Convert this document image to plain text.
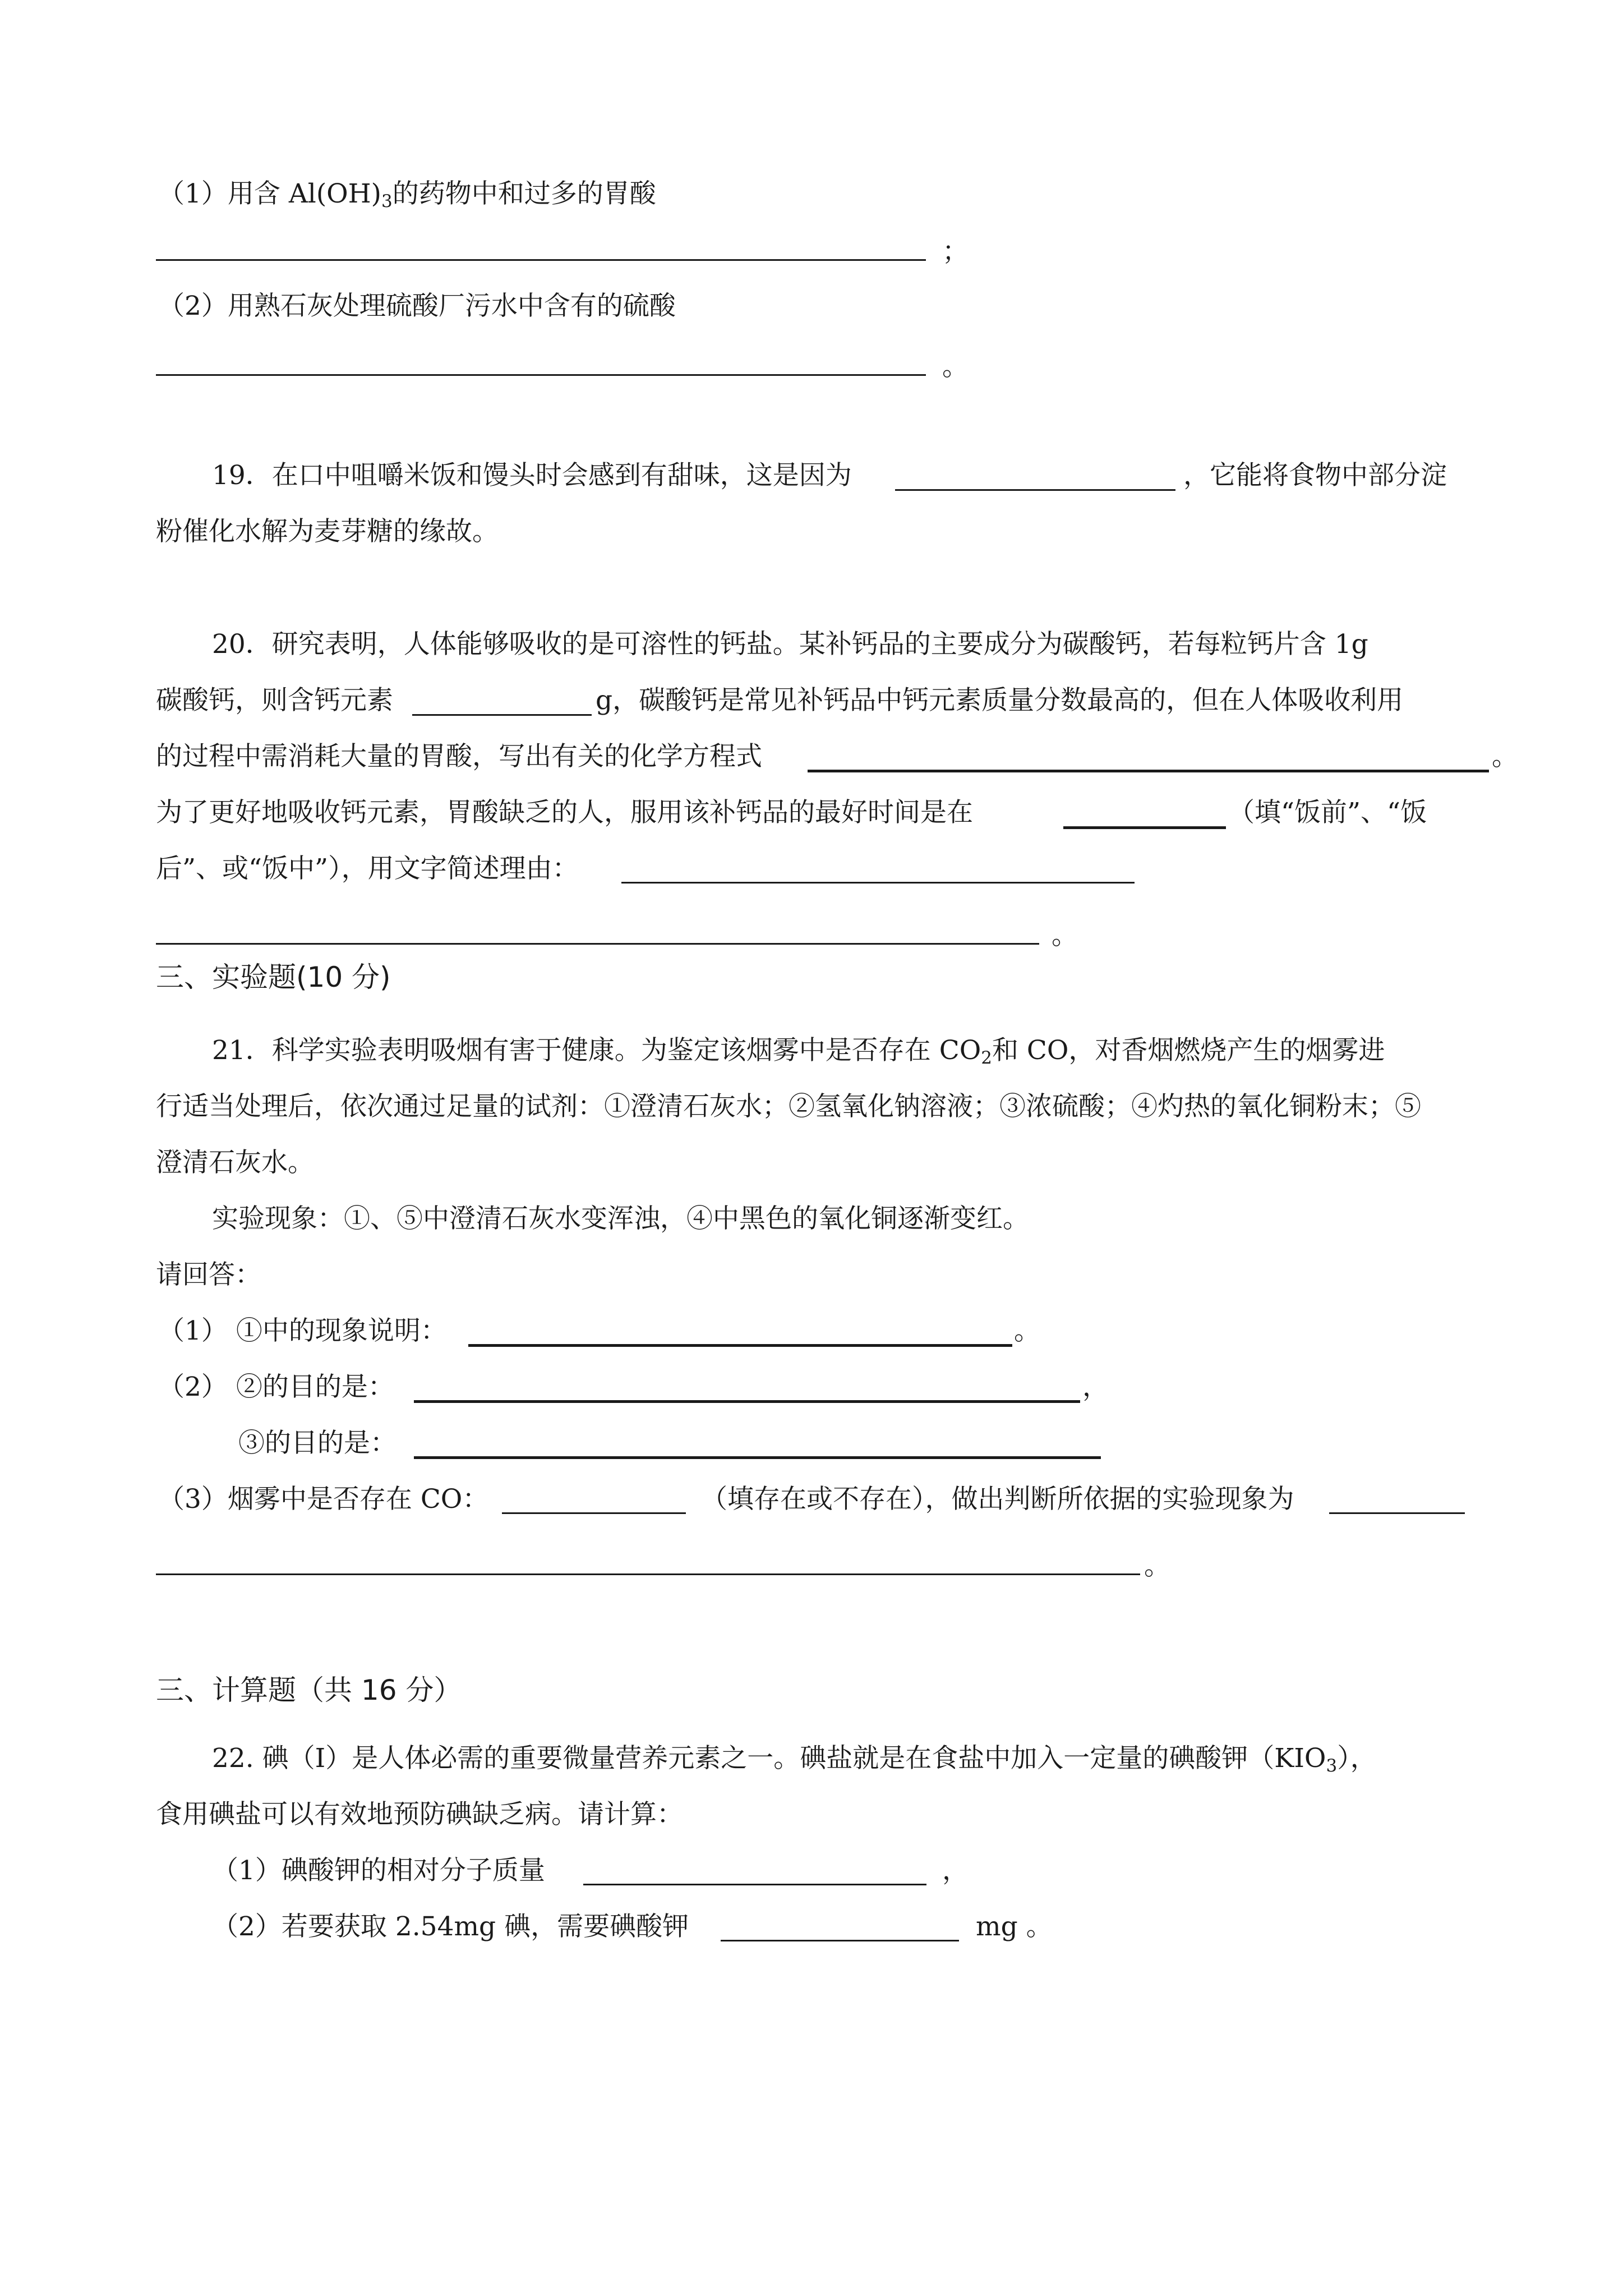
（1）用含 $Al(OH)_3$的药物中和过多的胃酸
；
（2）用熟石灰处理硫酸厂污水中含有的硫酸
。
19．在口中咀嚼米饭和馒头时会感到有甜味，这是因为	，它能将食物中部分淀
粉催化水解为麦芽糖的缘故。
20．研究表明，人体能够吸收的是可溶性的钙盐。某补钙品的主要成分为碳酸钙，若每粒钙片含 1g
碳酸钙，则含钙元素	g，碳酸钙是常见补钙品中钙元素质量分数最高的，但在人体吸收利用
的过程中需消耗大量的胃酸，写出有关的化学方程式	。
为了更好地吸收钙元素，胃酸缺乏的人，服用该补钙品的最好时间是在	（填“饭前”、“饭
后”、或“饭中”），用文字简述理由：
。
三、实验题(10 分)
21．科学实验表明吸烟有害于健康。为鉴定该烟雾中是否存在 $CO_2$和 CO，对香烟燃烧产生的烟雾进
行适当处理后，依次通过足量的试剂：①澄清石灰水；②氢氧化钠溶液；③浓硫酸；④灼热的氧化铜粉末；⑤
澄清石灰水。
实验现象：①、⑤中澄清石灰水变浑浊，④中黑色的氧化铜逐渐变红。
请回答：
（1） ①中的现象说明：	。
（2） ②的目的是：	，
③的目的是：
（3）烟雾中是否存在 CO：	（填存在或不存在），做出判断所依据的实验现象为
。
三、计算题（共 16 分）
22. 碘（I）是人体必需的重要微量营养元素之一。碘盐就是在食盐中加入一定量的碘酸钾$(KIO_3)$，
食用碘盐可以有效地预防碘缺乏病。请计算：
（1）碘酸钾的相对分子质量	，
（2）若要获取 2.54mg 碘，需要碘酸钾	mg 。
